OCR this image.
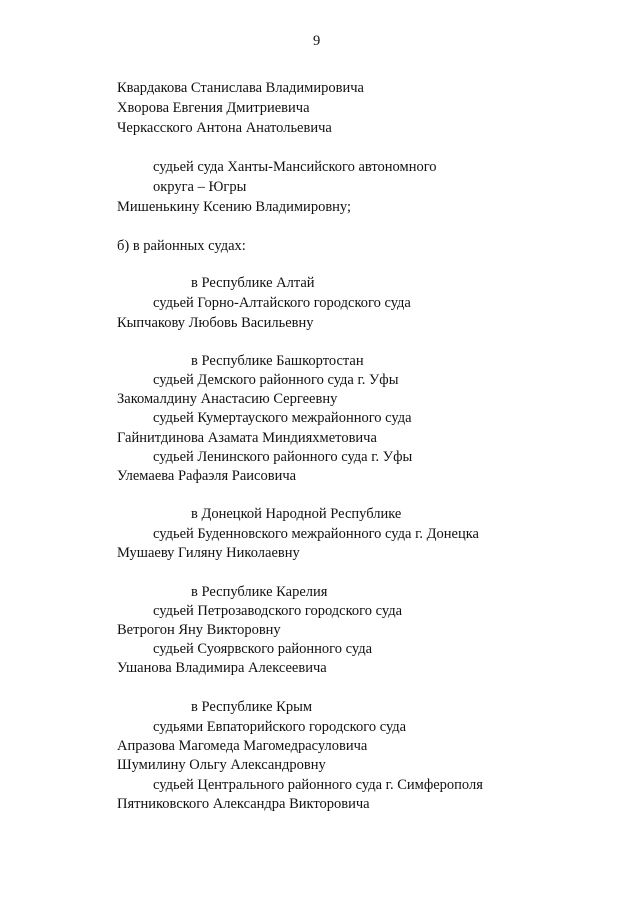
9
Квардакова Станислава Владимировича
Хворова Евгения Дмитриевича
Черкасского Антона Анатольевича
судьей суда Ханты-Мансийского автономного
округа – Югры
Мишенькину Ксению Владимировну;
б) в районных судах:
в Республике Алтай
судьей Горно-Алтайского городского суда
Кыпчакову Любовь Васильевну
в Республике Башкортостан
судьей Демского районного суда г. Уфы
Закомалдину Анастасию Сергеевну
судьей Кумертауского межрайонного суда
Гайнитдинова Азамата Миндияхметовича
судьей Ленинского районного суда г. Уфы
Улемаева Рафаэля Раисовича
в Донецкой Народной Республике
судьей Буденновского межрайонного суда г. Донецка
Мушаеву Гиляну Николаевну
в Республике Карелия
судьей Петрозаводского городского суда
Ветрогон Яну Викторовну
судьей Суоярвского районного суда
Ушанова Владимира Алексеевича
в Республике Крым
судьями Евпаторийского городского суда
Апразова Магомеда Магомедрасуловича
Шумилину Ольгу Александровну
судьей Центрального районного суда г. Симферополя
Пятниковского Александра Викторовича
